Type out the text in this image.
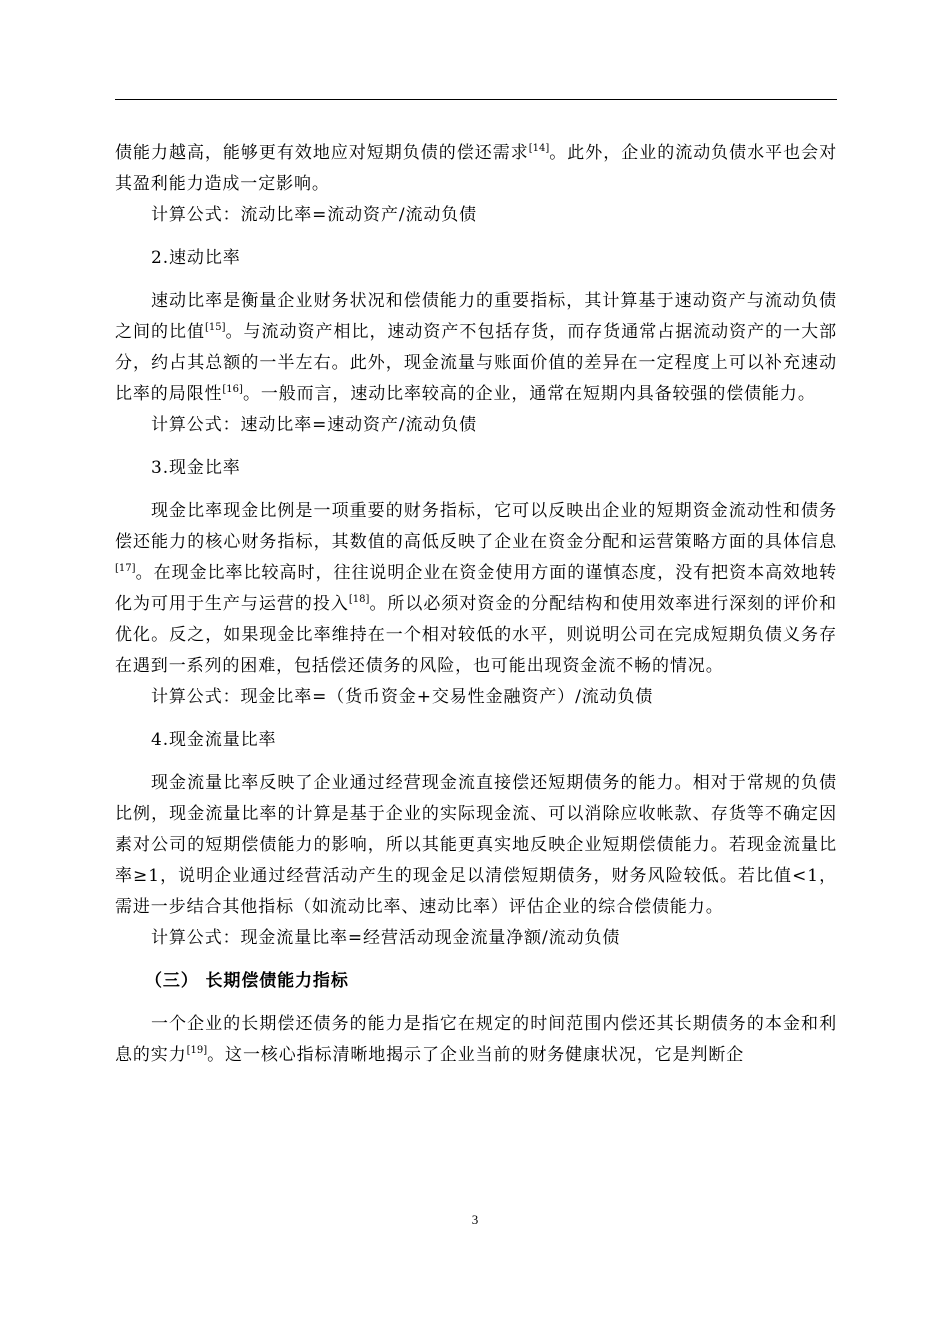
债能力越高，能够更有效地应对短期负债的偿还需求[14]。此外，企业的流动负债水平也会对其盈利能力造成一定影响。

计算公式：流动比率=流动资产/流动负债

2.速动比率

速动比率是衡量企业财务状况和偿债能力的重要指标，其计算基于速动资产与流动负债之间的比值[15]。与流动资产相比，速动资产不包括存货，而存货通常占据流动资产的一大部分，约占其总额的一半左右。此外，现金流量与账面价值的差异在一定程度上可以补充速动比率的局限性[16]。一般而言，速动比率较高的企业，通常在短期内具备较强的偿债能力。

计算公式：速动比率=速动资产/流动负债

3.现金比率

现金比率现金比例是一项重要的财务指标，它可以反映出企业的短期资金流动性和债务偿还能力的核心财务指标，其数值的高低反映了企业在资金分配和运营策略方面的具体信息[17]。在现金比率比较高时，往往说明企业在资金使用方面的谨慎态度，没有把资本高效地转化为可用于生产与运营的投入[18]。所以必须对资金的分配结构和使用效率进行深刻的评价和优化。反之，如果现金比率维持在一个相对较低的水平，则说明公司在完成短期负债义务存在遇到一系列的困难，包括偿还债务的风险，也可能出现资金流不畅的情况。

计算公式：现金比率=（货币资金+交易性金融资产）/流动负债

4.现金流量比率

现金流量比率反映了企业通过经营现金流直接偿还短期债务的能力。相对于常规的负债比例，现金流量比率的计算是基于企业的实际现金流、可以消除应收帐款、存货等不确定因素对公司的短期偿债能力的影响，所以其能更真实地反映企业短期偿债能力。若现金流量比率≥1，说明企业通过经营活动产生的现金足以清偿短期债务，财务风险较低。若比值<1，需进一步结合其他指标（如流动比率、速动比率）评估企业的综合偿债能力。

计算公式：现金流量比率=经营活动现金流量净额/流动负债

（三） 长期偿债能力指标

一个企业的长期偿还债务的能力是指它在规定的时间范围内偿还其长期债务的本金和利息的实力[19]。这一核心指标清晰地揭示了企业当前的财务健康状况，它是判断企

3
